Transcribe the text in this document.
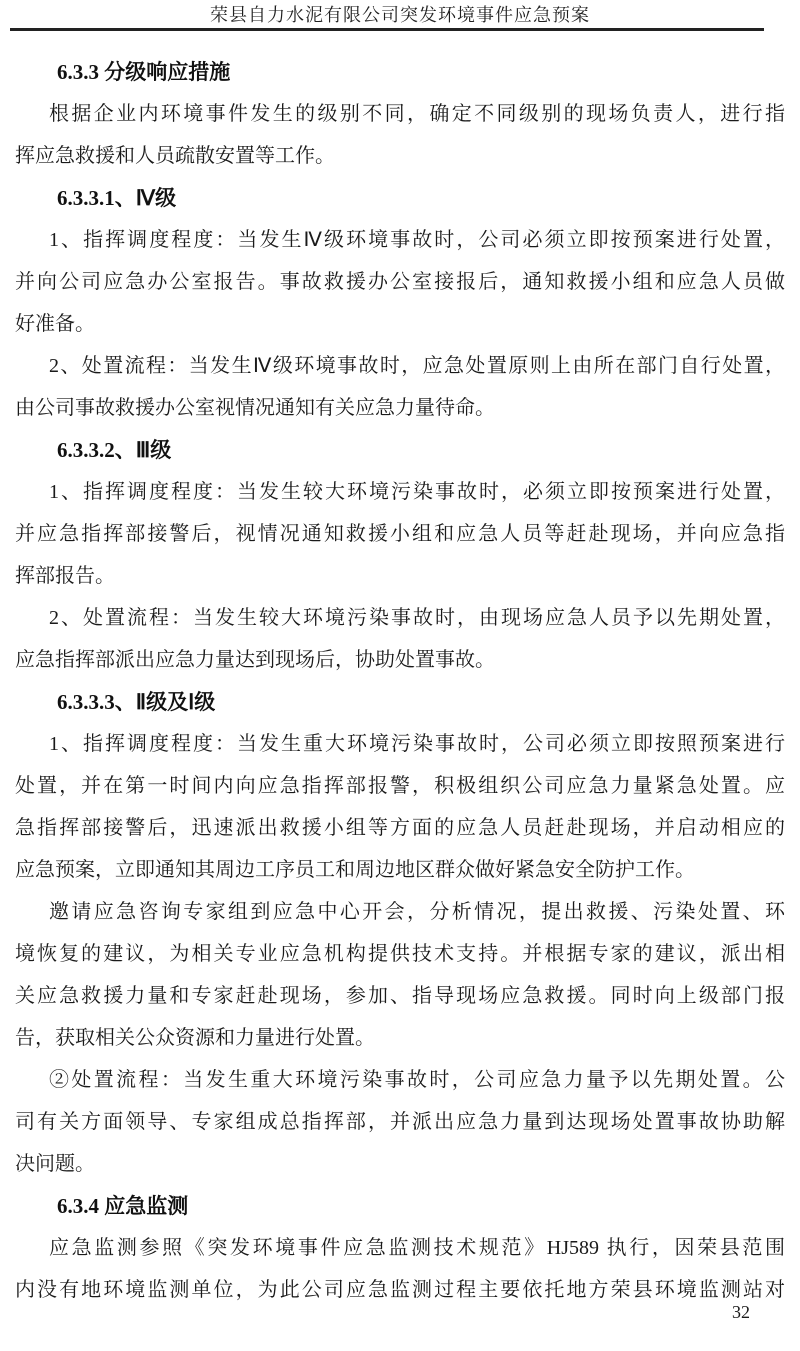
荣县自力水泥有限公司突发环境事件应急预案
6.3.3 分级响应措施
根据企业内环境事件发生的级别不同，确定不同级别的现场负责人，进行指
挥应急救援和人员疏散安置等工作。
6.3.3.1、Ⅳ级
1、指挥调度程度：当发生Ⅳ级环境事故时，公司必须立即按预案进行处置，
并向公司应急办公室报告。事故救援办公室接报后，通知救援小组和应急人员做
好准备。
2、处置流程：当发生Ⅳ级环境事故时，应急处置原则上由所在部门自行处置，
由公司事故救援办公室视情况通知有关应急力量待命。
6.3.3.2、Ⅲ级
1、指挥调度程度：当发生较大环境污染事故时，必须立即按预案进行处置，
并应急指挥部接警后，视情况通知救援小组和应急人员等赶赴现场，并向应急指
挥部报告。
2、处置流程：当发生较大环境污染事故时，由现场应急人员予以先期处置，
应急指挥部派出应急力量达到现场后，协助处置事故。
6.3.3.3、Ⅱ级及Ⅰ级
1、指挥调度程度：当发生重大环境污染事故时，公司必须立即按照预案进行
处置，并在第一时间内向应急指挥部报警，积极组织公司应急力量紧急处置。应
急指挥部接警后，迅速派出救援小组等方面的应急人员赶赴现场，并启动相应的
应急预案，立即通知其周边工序员工和周边地区群众做好紧急安全防护工作。
邀请应急咨询专家组到应急中心开会，分析情况，提出救援、污染处置、环
境恢复的建议，为相关专业应急机构提供技术支持。并根据专家的建议，派出相
关应急救援力量和专家赶赴现场，参加、指导现场应急救援。同时向上级部门报
告，获取相关公众资源和力量进行处置。
②处置流程：当发生重大环境污染事故时，公司应急力量予以先期处置。公
司有关方面领导、专家组成总指挥部，并派出应急力量到达现场处置事故协助解
决问题。
6.3.4 应急监测
应急监测参照《突发环境事件应急监测技术规范》HJ589 执行，因荣县范围
内没有地环境监测单位，为此公司应急监测过程主要依托地方荣县环境监测站对
32
